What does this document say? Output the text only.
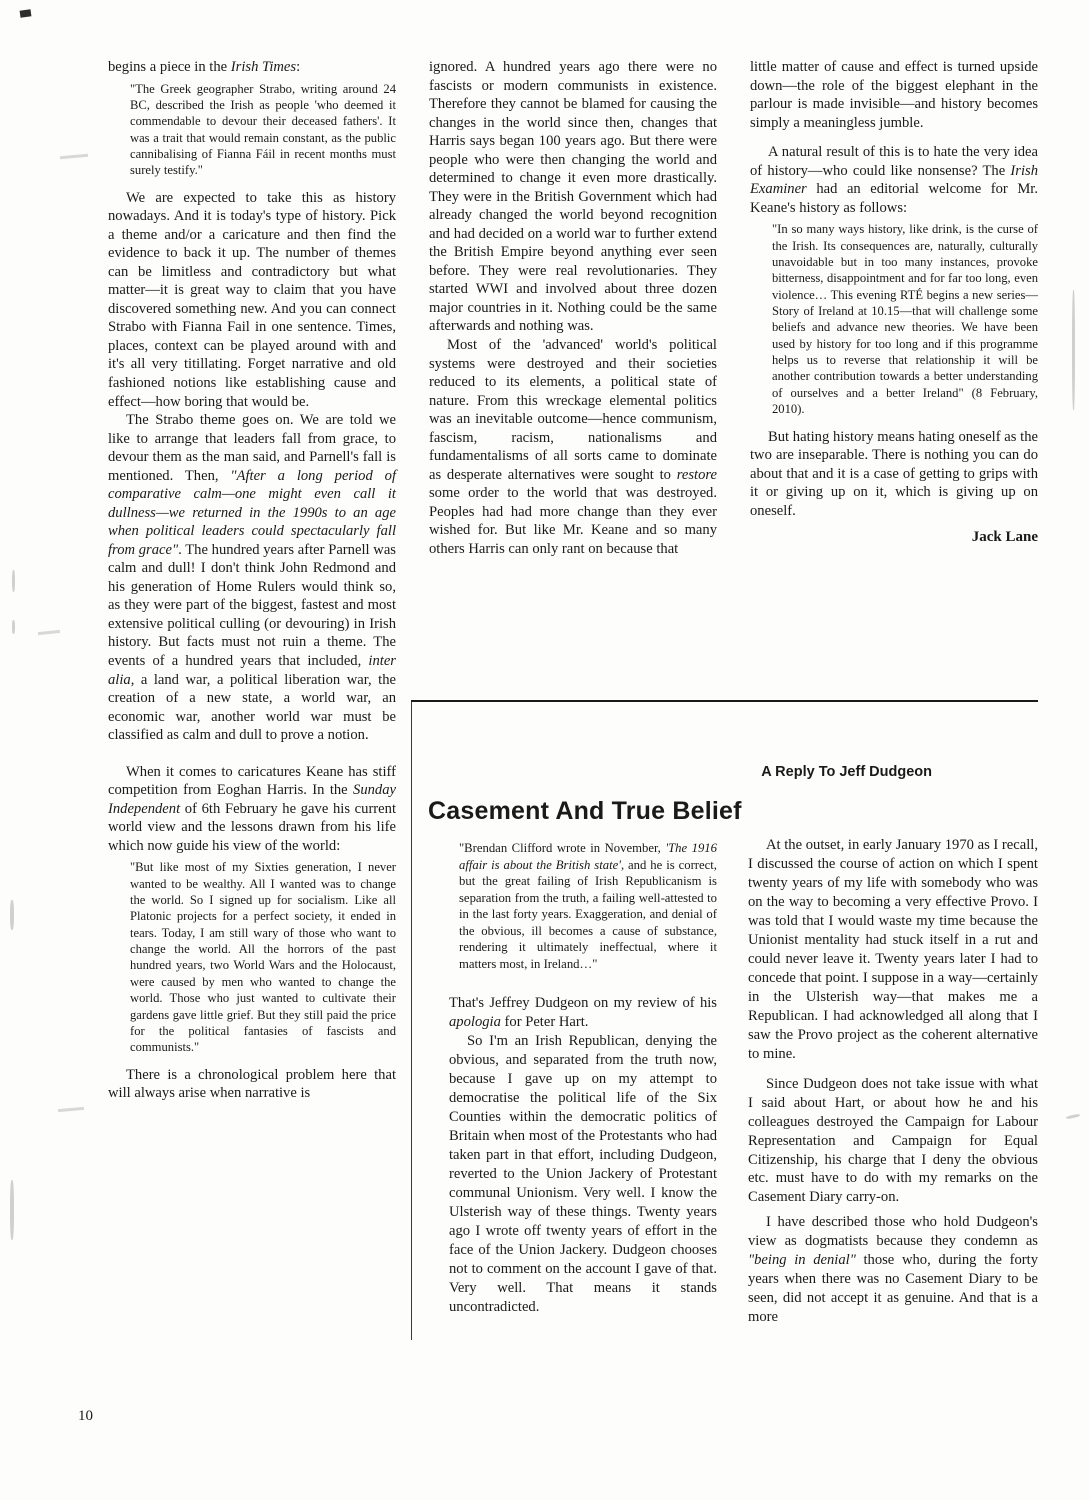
begins a piece in the Irish Times:

"The Greek geographer Strabo, writing around 24 BC, described the Irish as people 'who deemed it commendable to devour their deceased fathers'. It was a trait that would remain constant, as the public cannibalising of Fianna Fáil in recent months must surely testify."

We are expected to take this as history nowadays. And it is today's type of history. Pick a theme and/or a caricature and then find the evidence to back it up. The number of themes can be limitless and contradictory but what matter—it is great way to claim that you have discovered something new. And you can connect Strabo with Fianna Fail in one sentence. Times, places, context can be played around with and it's all very titillating. Forget narrative and old fashioned notions like establishing cause and effect—how boring that would be.

The Strabo theme goes on. We are told we like to arrange that leaders fall from grace, to devour them as the man said, and Parnell's fall is mentioned. Then, "After a long period of comparative calm—one might even call it dullness—we returned in the 1990s to an age when political leaders could spectacularly fall from grace". The hundred years after Parnell was calm and dull! I don't think John Redmond and his generation of Home Rulers would think so, as they were part of the biggest, fastest and most extensive political culling (or devouring) in Irish history. But facts must not ruin a theme. The events of a hundred years that included, inter alia, a land war, a political liberation war, the creation of a new state, a world war, an economic war, another world war must be classified as calm and dull to prove a notion.

When it comes to caricatures Keane has stiff competition from Eoghan Harris. In the Sunday Independent of 6th February he gave his current world view and the lessons drawn from his life which now guide his view of the world:

"But like most of my Sixties generation, I never wanted to be wealthy. All I wanted was to change the world. So I signed up for socialism. Like all Platonic projects for a perfect society, it ended in tears. Today, I am still wary of those who want to change the world. All the horrors of the past hundred years, two World Wars and the Holocaust, were caused by men who wanted to change the world. Those who just wanted to cultivate their gardens gave little grief. But they still paid the price for the political fantasies of fascists and communists."

There is a chronological problem here that will always arise when narrative is

ignored. A hundred years ago there were no fascists or modern communists in existence. Therefore they cannot be blamed for causing the changes in the world since then, changes that Harris says began 100 years ago. But there were people who were then changing the world and determined to change it even more drastically. They were in the British Government which had already changed the world beyond recognition and had decided on a world war to further extend the British Empire beyond anything ever seen before. They were real revolutionaries. They started WWI and involved about three dozen major countries in it. Nothing could be the same afterwards and nothing was.

Most of the 'advanced' world's political systems were destroyed and their societies reduced to its elements, a political state of nature. From this wreckage elemental politics was an inevitable outcome—hence communism, fascism, racism, nationalisms and fundamentalisms of all sorts came to dominate as desperate alternatives were sought to restore some order to the world that was destroyed. Peoples had had more change than they ever wished for. But like Mr. Keane and so many others Harris can only rant on because that

little matter of cause and effect is turned upside down—the role of the biggest elephant in the parlour is made invisible—and history becomes simply a meaningless jumble.

A natural result of this is to hate the very idea of history—who could like nonsense? The Irish Examiner had an editorial welcome for Mr. Keane's history as follows:

"In so many ways history, like drink, is the curse of the Irish. Its consequences are, naturally, culturally unavoidable but in too many instances, provoke bitterness, disappointment and for far too long, even violence… This evening RTÉ begins a new series—Story of Ireland at 10.15—that will challenge some beliefs and advance new theories. We have been used by history for too long and if this programme helps us to reverse that relationship it will be another contribution towards a better understanding of ourselves and a better Ireland" (8 February, 2010).

But hating history means hating oneself as the two are inseparable. There is nothing you can do about that and it is a case of getting to grips with it or giving up on it, which is giving up on oneself.

Jack Lane

A Reply To Jeff Dudgeon
Casement And True Belief

"Brendan Clifford wrote in November, 'The 1916 affair is about the British state', and he is correct, but the great failing of Irish Republicanism is separation from the truth, a failing well-attested to in the last forty years. Exaggeration, and denial of the obvious, ill becomes a cause of substance, rendering it ultimately ineffectual, where it matters most, in Ireland…"

That's Jeffrey Dudgeon on my review of his apologia for Peter Hart.

So I'm an Irish Republican, denying the obvious, and separated from the truth now, because I gave up on my attempt to democratise the political life of the Six Counties within the democratic politics of Britain when most of the Protestants who had taken part in that effort, including Dudgeon, reverted to the Union Jackery of Protestant communal Unionism. Very well. I know the Ulsterish way of these things. Twenty years ago I wrote off twenty years of effort in the face of the Union Jackery. Dudgeon chooses not to comment on the account I gave of that. Very well. That means it stands uncontradicted.

At the outset, in early January 1970 as I recall, I discussed the course of action on which I spent twenty years of my life with somebody who was on the way to becoming a very effective Provo. I was told that I would waste my time because the Unionist mentality had stuck itself in a rut and could never leave it. Twenty years later I had to concede that point. I suppose in a way—certainly in the Ulsterish way—that makes me a Republican. I had acknowledged all along that I saw the Provo project as the coherent alternative to mine.

Since Dudgeon does not take issue with what I said about Hart, or about how he and his colleagues destroyed the Campaign for Labour Representation and Campaign for Equal Citizenship, his charge that I deny the obvious etc. must have to do with my remarks on the Casement Diary carry-on.

I have described those who hold Dudgeon's view as dogmatists because they condemn as "being in denial" those who, during the forty years when there was no Casement Diary to be seen, did not accept it as genuine. And that is a more

10
